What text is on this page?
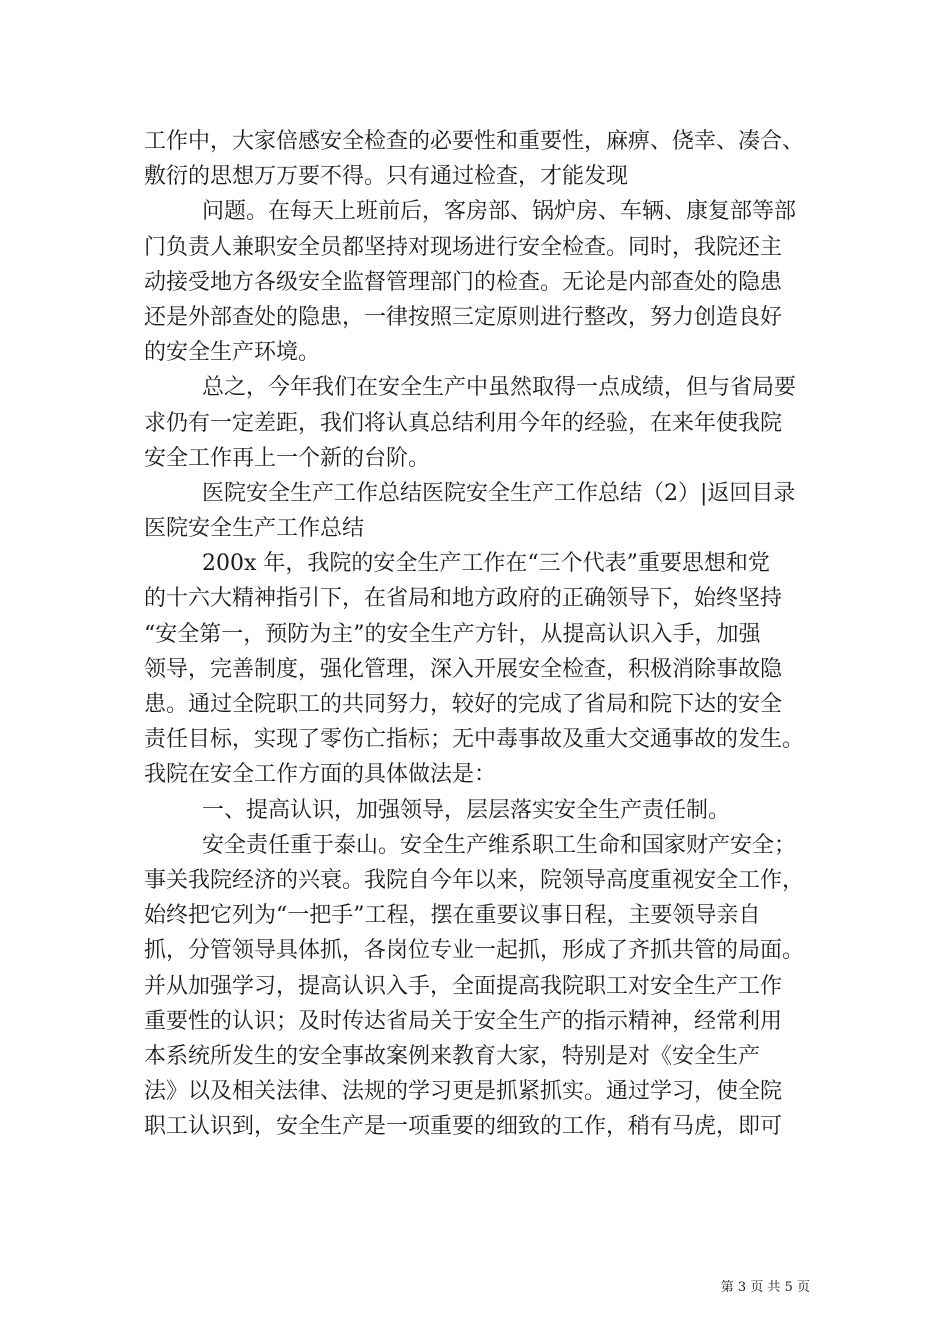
工作中，大家倍感安全检查的必要性和重要性，麻痹、侥幸、凑合、
敷衍的思想万万要不得。只有通过检查，才能发现
问题。在每天上班前后，客房部、锅炉房、车辆、康复部等部
门负责人兼职安全员都坚持对现场进行安全检查。同时，我院还主
动接受地方各级安全监督管理部门的检查。无论是内部查处的隐患
还是外部查处的隐患，一律按照三定原则进行整改，努力创造良好
的安全生产环境。
总之，今年我们在安全生产中虽然取得一点成绩，但与省局要
求仍有一定差距，我们将认真总结利用今年的经验，在来年使我院
安全工作再上一个新的台阶。
医院安全生产工作总结医院安全生产工作总结（2）|返回目录
医院安全生产工作总结
200x 年，我院的安全生产工作在“三个代表”重要思想和党
的十六大精神指引下，在省局和地方政府的正确领导下，始终坚持
“安全第一，预防为主”的安全生产方针，从提高认识入手，加强
领导，完善制度，强化管理，深入开展安全检查，积极消除事故隐
患。通过全院职工的共同努力，较好的完成了省局和院下达的安全
责任目标，实现了零伤亡指标；无中毒事故及重大交通事故的发生。
我院在安全工作方面的具体做法是：
一、提高认识，加强领导，层层落实安全生产责任制。
安全责任重于泰山。安全生产维系职工生命和国家财产安全；
事关我院经济的兴衰。我院自今年以来，院领导高度重视安全工作，
始终把它列为“一把手”工程，摆在重要议事日程，主要领导亲自
抓，分管领导具体抓，各岗位专业一起抓，形成了齐抓共管的局面。
并从加强学习，提高认识入手，全面提高我院职工对安全生产工作
重要性的认识；及时传达省局关于安全生产的指示精神，经常利用
本系统所发生的安全事故案例来教育大家，特别是对《安全生产
法》以及相关法律、法规的学习更是抓紧抓实。通过学习，使全院
职工认识到，安全生产是一项重要的细致的工作，稍有马虎，即可
第 3 页 共 5 页
